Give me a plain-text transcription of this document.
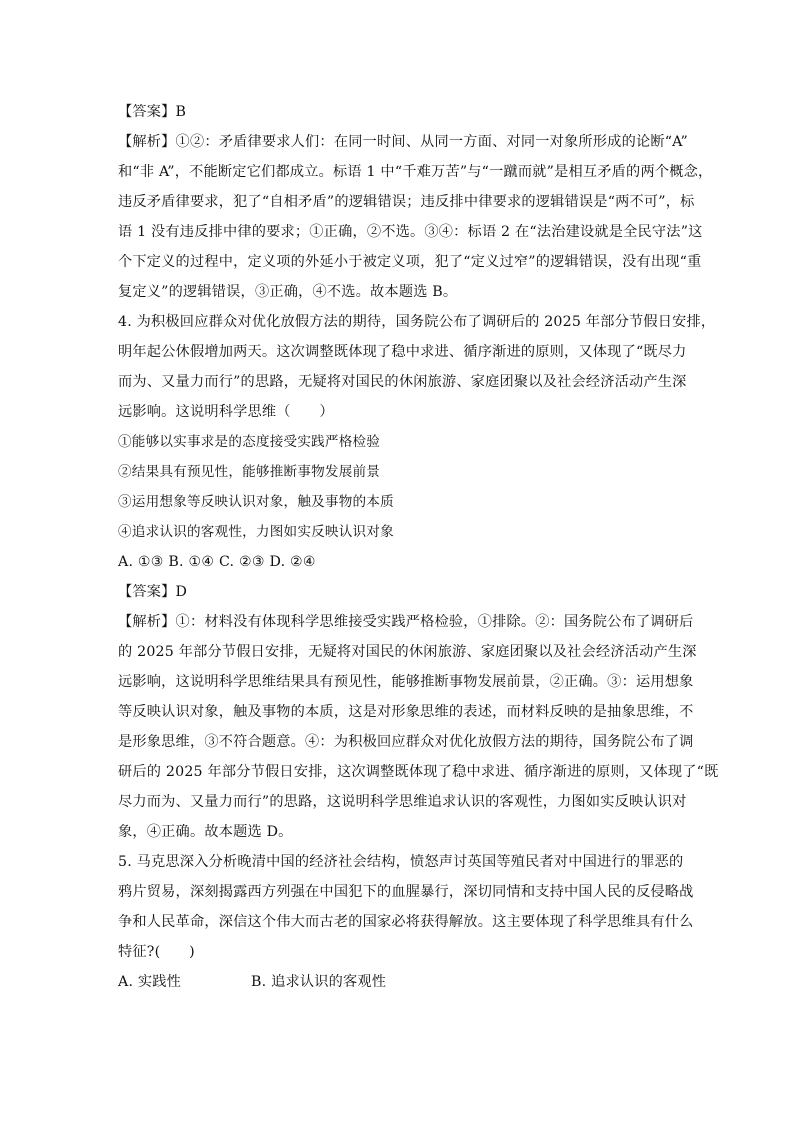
【答案】B

【解析】①②：矛盾律要求人们：在同一时间、从同一方面、对同一对象所形成的论断“A”

和“非 A”，不能断定它们都成立。标语 1 中“千难万苦”与“一蹴而就”是相互矛盾的两个概念，

违反矛盾律要求，犯了“自相矛盾”的逻辑错误；违反排中律要求的逻辑错误是“两不可”，标

语 1 没有违反排中律的要求；①正确，②不选。③④：标语 2 在“法治建设就是全民守法”这

个下定义的过程中，定义项的外延小于被定义项，犯了“定义过窄”的逻辑错误，没有出现“重

复定义”的逻辑错误，③正确，④不选。故本题选 B。

4. 为积极回应群众对优化放假方法的期待，国务院公布了调研后的 2025 年部分节假日安排，

明年起公休假增加两天。这次调整既体现了稳中求进、循序渐进的原则，又体现了“既尽力

而为、又量力而行”的思路，无疑将对国民的休闲旅游、家庭团聚以及社会经济活动产生深

远影响。这说明科学思维（　　）

①能够以实事求是的态度接受实践严格检验

②结果具有预见性，能够推断事物发展前景

③运用想象等反映认识对象，触及事物的本质

④追求认识的客观性，力图如实反映认识对象

A. ①③ B. ①④ C. ②③ D. ②④

【答案】D

【解析】①：材料没有体现科学思维接受实践严格检验，①排除。②：国务院公布了调研后

的 2025 年部分节假日安排，无疑将对国民的休闲旅游、家庭团聚以及社会经济活动产生深

远影响，这说明科学思维结果具有预见性，能够推断事物发展前景，②正确。③：运用想象

等反映认识对象，触及事物的本质，这是对形象思维的表述，而材料反映的是抽象思维，不

是形象思维，③不符合题意。④：为积极回应群众对优化放假方法的期待，国务院公布了调

研后的 2025 年部分节假日安排，这次调整既体现了稳中求进、循序渐进的原则，又体现了“既

尽力而为、又量力而行”的思路，这说明科学思维追求认识的客观性，力图如实反映认识对

象，④正确。故本题选 D。

5. 马克思深入分析晚清中国的经济社会结构，愤怒声讨英国等殖民者对中国进行的罪恶的

鸦片贸易，深刻揭露西方列强在中国犯下的血腥暴行，深切同情和支持中国人民的反侵略战

争和人民革命，深信这个伟大而古老的国家必将获得解放。这主要体现了科学思维具有什么

特征?(　　)

A. 实践性	B. 追求认识的客观性
